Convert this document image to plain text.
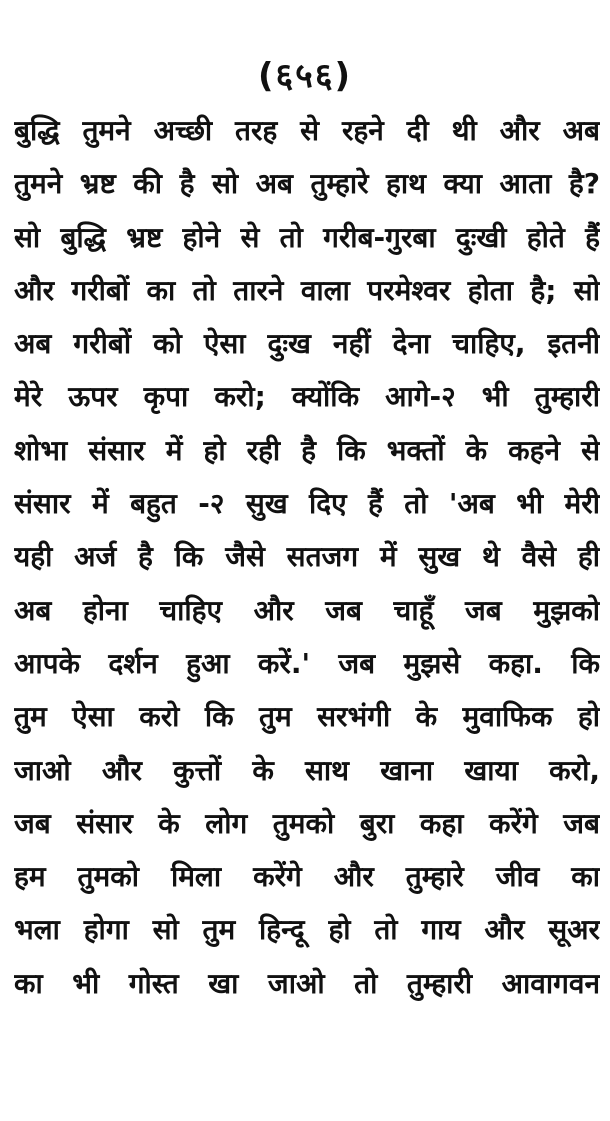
(६५६)
बुद्धि तुमने अच्छी तरह से रहने दी थी और अब
तुमने भ्रष्ट की है सो अब तुम्हारे हाथ क्या आता है?
सो बुद्धि भ्रष्ट होने से तो गरीब-गुरबा दुःखी होते हैं
और गरीबों का तो तारने वाला परमेश्वर होता है; सो
अब गरीबों को ऐसा दुःख नहीं देना चाहिए, इतनी
मेरे ऊपर कृपा करो; क्योंकि आगे-२ भी तुम्हारी
शोभा संसार में हो रही है कि भक्तों के कहने से
संसार में बहुत -२ सुख दिए हैं तो 'अब भी मेरी
यही अर्ज है कि जैसे सतजग में सुख थे वैसे ही
अब होना चाहिए और जब चाहूँ जब मुझको
आपके दर्शन हुआ करें.' जब मुझसे कहा. कि
तुम ऐसा करो कि तुम सरभंगी के मुवाफिक हो
जाओ और कुत्तों के साथ खाना खाया करो,
जब संसार के लोग तुमको बुरा कहा करेंगे जब
हम तुमको मिला करेंगे और तुम्हारे जीव का
भला होगा सो तुम हिन्दू हो तो गाय और सूअर
का भी गोस्त खा जाओ तो तुम्हारी आवागवन
